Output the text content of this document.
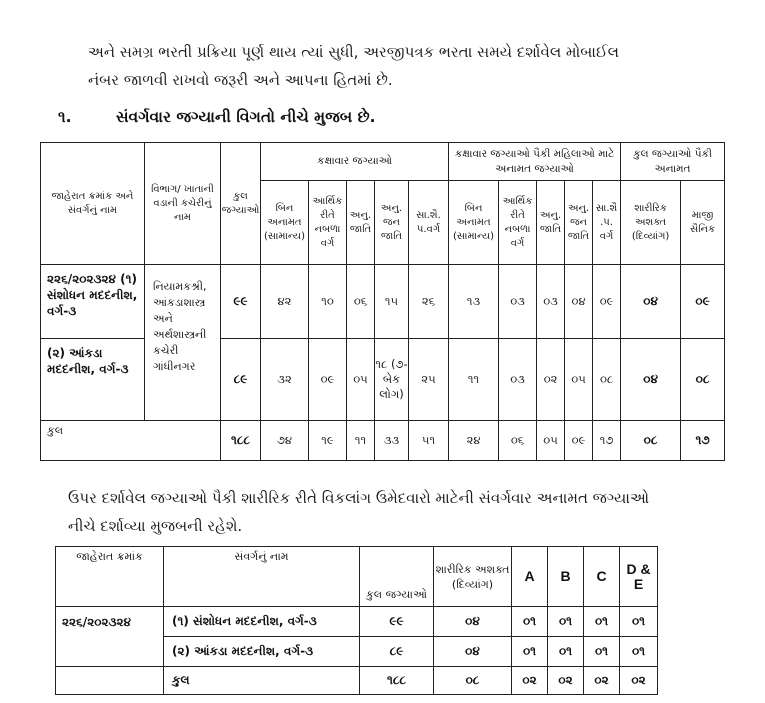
અને સમગ્ર ભરતી પ્રક્રિયા પૂર્ણ થાય ત્યાં સુધી, અરજીપત્રક ભરતા સમયે દર્શાવેલ મોબાઈલ
નંબર જાળવી રાખવો જરૂરી અને આપના હિતમાં છે.
૧.	સંવર્ગવાર જગ્યાની વિગતો નીચે મુજબ છે.
જાહેરાત ક્રમાંક અને સંવર્ગનું નામ	વિભાગ/ ખાતાની વડાની કચેરીનું નામ	કુલ જગ્યાઓ	કક્ષાવાર જગ્યાઓ					કક્ષાવાર જગ્યાઓ પૈકી મહિલાઓ માટે અનામત જગ્યાઓ					કુલ જગ્યાઓ પૈકી અનામત	
			બિન અનામત (સામાન્ય)	આર્થિક રીતે નબળા વર્ગ	અનુ. જાતિ	અનુ. જન જાતિ	સા.શૈ. પ.વર્ગ	બિન અનામત (સામાન્ય)	આર્થિક રીતે નબળા વર્ગ	અનુ. જાતિ	અનુ. જન જાતિ	સા.શૈ .પ. વર્ગ	શારીરિક અશક્ત (દિવ્યાંગ)	માજી સૈનિક
૨૨૬/૨૦૨૩૨૪ (૧) સંશોધન મદદનીશ, વર્ગ-૩	નિયામકશ્રી, આંકડાશાસ્ત્ર અને અર્થશાસ્ત્રની કચેરી ગાંધીનગર	૯૯	૪૨	૧૦	૦૬	૧૫	૨૬	૧૩	૦૩	૦૩	૦૪	૦૯	૦૪	૦૯
(૨) આંકડા મદદનીશ, વર્ગ-૩		૮૯	૩૨	૦૯	૦૫	૧૮ (૭-બેક લોગ)	૨૫	૧૧	૦૩	૦૨	૦૫	૦૮	૦૪	૦૮
કુલ		૧૮૮	૭૪	૧૯	૧૧	૩૩	૫૧	૨૪	૦૬	૦૫	૦૯	૧૭	૦૮	૧૭
ઉપર દર્શાવેલ જગ્યાઓ પૈકી શારીરિક રીતે વિકલાંગ ઉમેદવારો માટેની સંવર્ગવાર અનામત જગ્યાઓ
નીચે દર્શાવ્યા મુજબની રહેશે.
જાહેરાત ક્રમાંક	સંવર્ગનું નામ	કુલ જગ્યાઓ	શારીરિક અશક્ત (દિવ્યાંગ)	A	B	C	D & E
૨૨૬/૨૦૨૩૨૪	(૧) સંશોધન મદદનીશ, વર્ગ-૩	૯૯	૦૪	૦૧	૦૧	૦૧	૦૧
	(૨) આંકડા મદદનીશ, વર્ગ-૩	૮૯	૦૪	૦૧	૦૧	૦૧	૦૧
	કુલ	૧૮૮	૦૮	૦૨	૦૨	૦૨	૦૨
